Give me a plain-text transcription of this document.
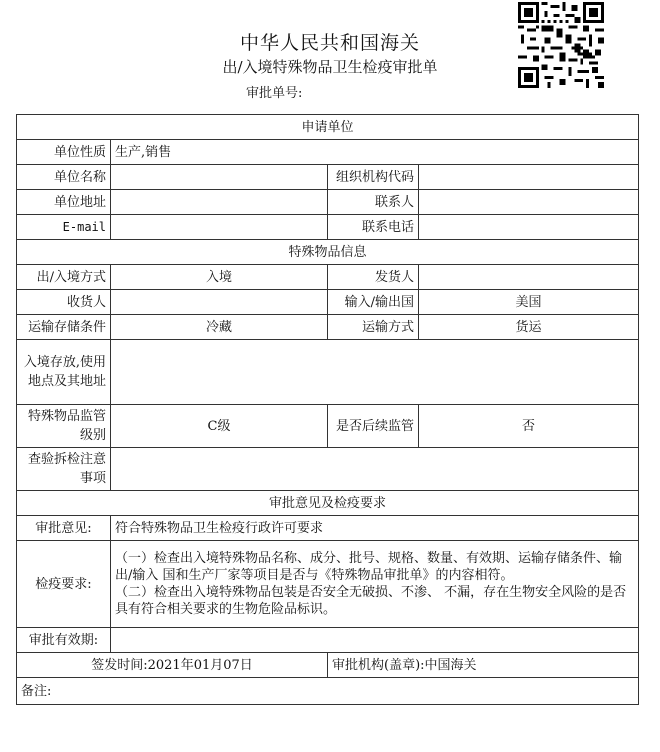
中华人民共和国海关
出/入境特殊物品卫生检疫审批单
审批单号:
申请单位			
单位性质	生产,销售		
单位名称		组织机构代码	
单位地址		联系人	
E-mail		联系电话	
特殊物品信息			
出/入境方式	入境	发货人	
收货人		输入/输出国	美国
运输存储条件	冷藏	运输方式	货运
入境存放,使用地点及其地址			
特殊物品监管级别	C级	是否后续监管	否
查验拆检注意事项			
审批意见及检疫要求			
审批意见:	符合特殊物品卫生检疫行政许可要求		
检疫要求:	（一）检查出入境特殊物品名称、成分、批号、规格、数量、有效期、运输存储条件、输出/输入 国和生产厂家等项目是否与《特殊物品审批单》的内容相符。
（二）检查出入境特殊物品包装是否安全无破损、不渗、 不漏，存在生物安全风险的是否具有符合相关要求的生物危险品标识。		
审批有效期:			
签发时间:2021年01月07日		审批机构(盖章):中国海关	
备注:			
